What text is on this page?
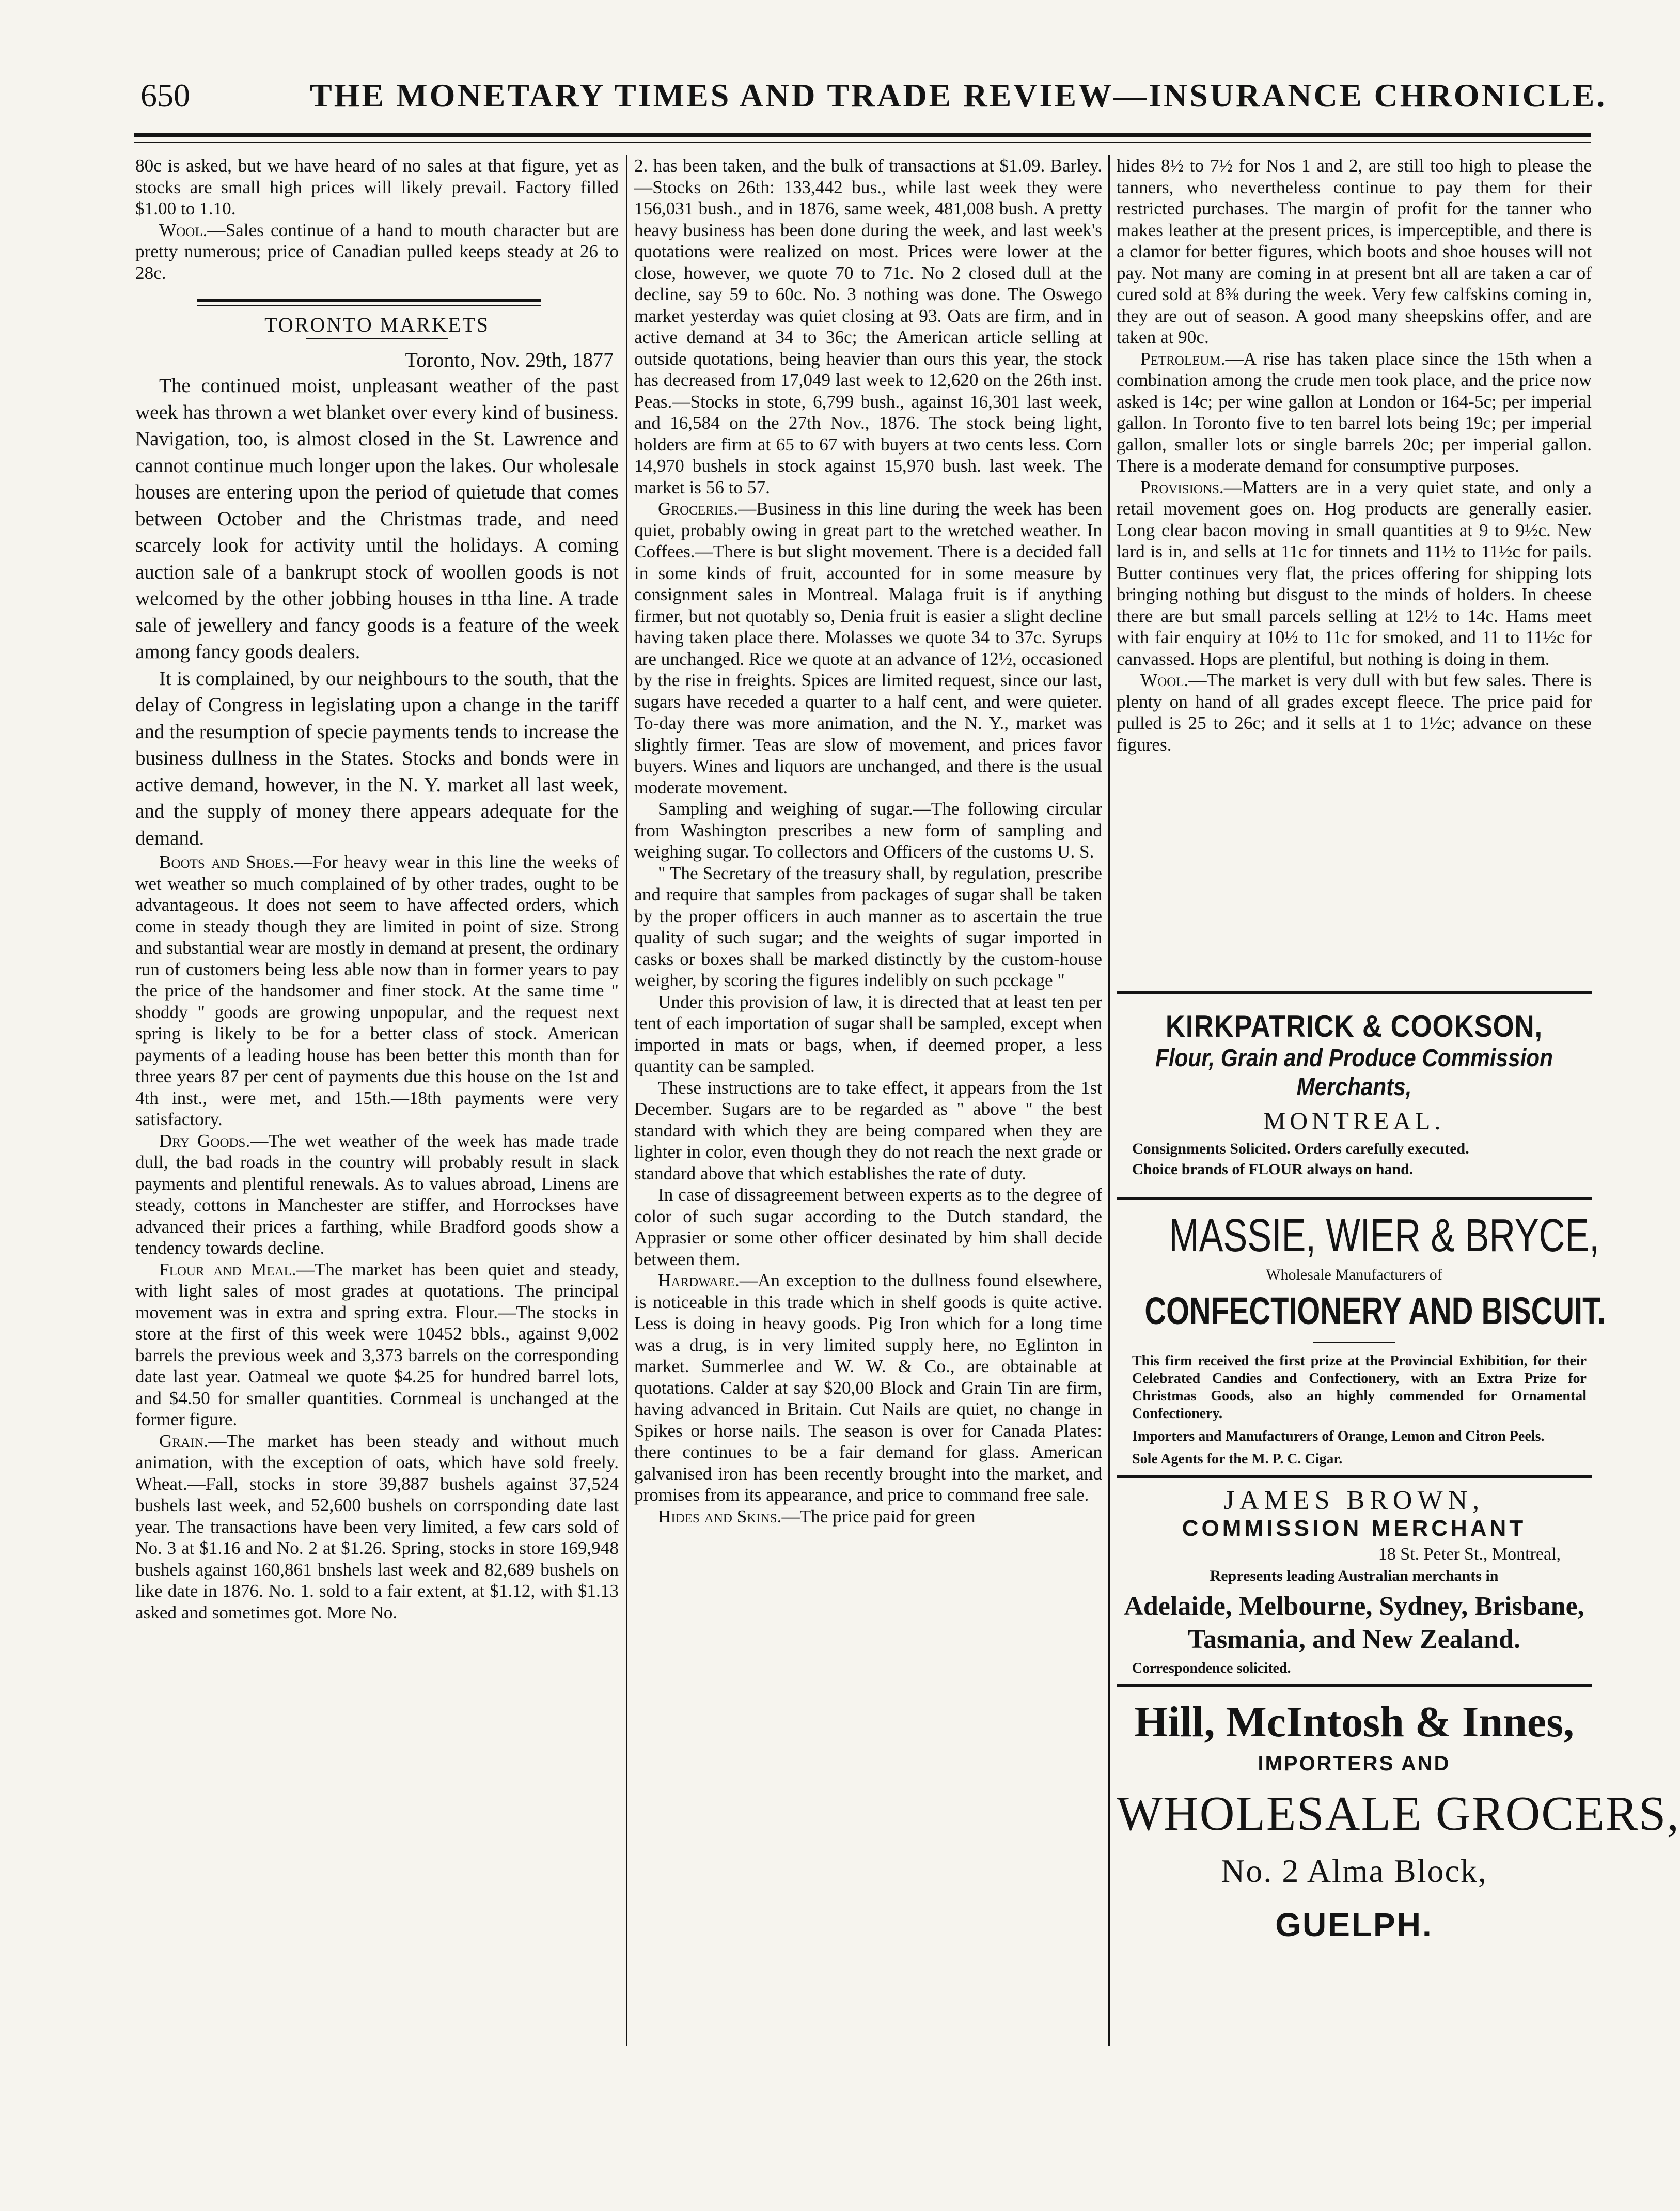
650	THE MONETARY TIMES AND TRADE REVIEW—INSURANCE CHRONICLE.

80c is asked, but we have heard of no sales at that figure, yet as stocks are small high prices will likely prevail. Factory filled $1.00 to 1.10.

Wool.—Sales continue of a hand to mouth character but are pretty numerous; price of Canadian pulled keeps steady at 26 to 28c.

TORONTO MARKETS
Toronto, Nov. 29th, 1877

The continued moist, unpleasant weather of the past week has thrown a wet blanket over every kind of business. Navigation, too, is almost closed in the St. Lawrence and cannot continue much longer upon the lakes. Our wholesale houses are entering upon the period of quietude that comes between October and the Christmas trade, and need scarcely look for activity until the holidays. A coming auction sale of a bankrupt stock of woollen goods is not welcomed by the other jobbing houses in ttha line. A trade sale of jewellery and fancy goods is a feature of the week among fancy goods dealers.

It is complained, by our neighbours to the south, that the delay of Congress in legislating upon a change in the tariff and the resumption of specie payments tends to increase the business dullness in the States. Stocks and bonds were in active demand, however, in the N. Y. market all last week, and the supply of money there appears adequate for the demand.

Boots and Shoes.—For heavy wear in this line the weeks of wet weather so much complained of by other trades, ought to be advantageous. It does not seem to have affected orders, which come in steady though they are limited in point of size. Strong and substantial wear are mostly in demand at present, the ordinary run of customers being less able now than in former years to pay the price of the handsomer and finer stock. At the same time " shoddy " goods are growing unpopular, and the request next spring is likely to be for a better class of stock. American payments of a leading house has been better this month than for three years 87 per cent of payments due this house on the 1st and 4th inst., were met, and 15th.—18th payments were very satisfactory.

Dry Goods.—The wet weather of the week has made trade dull, the bad roads in the country will probably result in slack payments and plentiful renewals. As to values abroad, Linens are steady, cottons in Manchester are stiffer, and Horrockses have advanced their prices a farthing, while Bradford goods show a tendency towards decline.

Flour and Meal.—The market has been quiet and steady, with light sales of most grades at quotations. The principal movement was in extra and spring extra. Flour.—The stocks in store at the first of this week were 10452 bbls., against 9,002 barrels the previous week and 3,373 barrels on the corresponding date last year. Oatmeal we quote $4.25 for hundred barrel lots, and $4.50 for smaller quantities. Cornmeal is unchanged at the former figure.

Grain.—The market has been steady and without much animation, with the exception of oats, which have sold freely. Wheat.—Fall, stocks in store 39,887 bushels against 37,524 bushels last week, and 52,600 bushels on corrsponding date last year. The transactions have been very limited, a few cars sold of No. 3 at $1.16 and No. 2 at $1.26. Spring, stocks in store 169,948 bushels against 160,861 bnshels last week and 82,689 bushels on like date in 1876. No. 1. sold to a fair extent, at $1.12, with $1.13 asked and sometimes got. More No.

2. has been taken, and the bulk of transactions at $1.09. Barley.—Stocks on 26th: 133,442 bus., while last week they were 156,031 bush., and in 1876, same week, 481,008 bush. A pretty heavy business has been done during the week, and last week's quotations were realized on most. Prices were lower at the close, however, we quote 70 to 71c. No 2 closed dull at the decline, say 59 to 60c. No. 3 nothing was done. The Oswego market yesterday was quiet closing at 93. Oats are firm, and in active demand at 34 to 36c; the American article selling at outside quotations, being heavier than ours this year, the stock has decreased from 17,049 last week to 12,620 on the 26th inst. Peas.—Stocks in stote, 6,799 bush., against 16,301 last week, and 16,584 on the 27th Nov., 1876. The stock being light, holders are firm at 65 to 67 with buyers at two cents less. Corn 14,970 bushels in stock against 15,970 bush. last week. The market is 56 to 57.

Groceries.—Business in this line during the week has been quiet, probably owing in great part to the wretched weather. In Coffees.—There is but slight movement. There is a decided fall in some kinds of fruit, accounted for in some measure by consignment sales in Montreal. Malaga fruit is if anything firmer, but not quotably so, Denia fruit is easier a slight decline having taken place there. Molasses we quote 34 to 37c. Syrups are unchanged. Rice we quote at an advance of 12½, occasioned by the rise in freights. Spices are limited request, since our last, sugars have receded a quarter to a half cent, and were quieter. To-day there was more animation, and the N. Y., market was slightly firmer. Teas are slow of movement, and prices favor buyers. Wines and liquors are unchanged, and there is the usual moderate movement.

Sampling and weighing of sugar.—The following circular from Washington prescribes a new form of sampling and weighing sugar. To collectors and Officers of the customs U. S.

" The Secretary of the treasury shall, by regulation, prescribe and require that samples from packages of sugar shall be taken by the proper officers in auch manner as to ascertain the true quality of such sugar; and the weights of sugar imported in casks or boxes shall be marked distinctly by the custom-house weigher, by scoring the figures indelibly on such pcckage "

Under this provision of law, it is directed that at least ten per tent of each importation of sugar shall be sampled, except when imported in mats or bags, when, if deemed proper, a less quantity can be sampled.

These instructions are to take effect, it appears from the 1st December. Sugars are to be regarded as " above " the best standard with which they are being compared when they are lighter in color, even though they do not reach the next grade or standard above that which establishes the rate of duty.

In case of dissagreement between experts as to the degree of color of such sugar according to the Dutch standard, the Apprasier or some other officer desinated by him shall decide between them.

Hardware.—An exception to the dullness found elsewhere, is noticeable in this trade which in shelf goods is quite active. Less is doing in heavy goods. Pig Iron which for a long time was a drug, is in very limited supply here, no Eglinton in market. Summerlee and W. W. & Co., are obtainable at quotations. Calder at say $20,00 Block and Grain Tin are firm, having advanced in Britain. Cut Nails are quiet, no change in Spikes or horse nails. The season is over for Canada Plates: there continues to be a fair demand for glass. American galvanised iron has been recently brought into the market, and promises from its appearance, and price to command free sale.

Hides and Skins.—The price paid for green

hides 8½ to 7½ for Nos 1 and 2, are still too high to please the tanners, who nevertheless continue to pay them for their restricted purchases. The margin of profit for the tanner who makes leather at the present prices, is imperceptible, and there is a clamor for better figures, which boots and shoe houses will not pay. Not many are coming in at present bnt all are taken a car of cured sold at 8⅜ during the week. Very few calfskins coming in, they are out of season. A good many sheepskins offer, and are taken at 90c.

Petroleum.—A rise has taken place since the 15th when a combination among the crude men took place, and the price now asked is 14c; per wine gallon at London or 164-5c; per imperial gallon. In Toronto five to ten barrel lots being 19c; per imperial gallon, smaller lots or single barrels 20c; per imperial gallon. There is a moderate demand for consumptive purposes.

Provisions.—Matters are in a very quiet state, and only a retail movement goes on. Hog products are generally easier. Long clear bacon moving in small quantities at 9 to 9½c. New lard is in, and sells at 11c for tinnets and 11½ to 11½c for pails. Butter continues very flat, the prices offering for shipping lots bringing nothing but disgust to the minds of holders. In cheese there are but small parcels selling at 12½ to 14c. Hams meet with fair enquiry at 10½ to 11c for smoked, and 11 to 11½c for canvassed. Hops are plentiful, but nothing is doing in them.

Wool.—The market is very dull with but few sales. There is plenty on hand of all grades except fleece. The price paid for pulled is 25 to 26c; and it sells at 1 to 1½c; advance on these figures.

KIRKPATRICK & COOKSON,
Flour, Grain and Produce Commission
Merchants,
MONTREAL.
Consignments Solicited. Orders carefully executed.
Choice brands of FLOUR always on hand.
MASSIE, WIER & BRYCE,
Wholesale Manufacturers of
CONFECTIONERY AND BISCUIT.

This firm received the first prize at the Provincial Exhibition, for their Celebrated Candies and Confectionery, with an Extra Prize for Christmas Goods, also an highly commended for Ornamental Confectionery.

Importers and Manufacturers of Orange, Lemon and Citron Peels.

Sole Agents for the M. P. C. Cigar.

JAMES BROWN,
COMMISSION MERCHANT
18 St. Peter St., Montreal,
Represents leading Australian merchants in
Adelaide, Melbourne, Sydney, Brisbane, Tasmania, and New Zealand.
Correspondence solicited.
Hill, McIntosh & Innes,
IMPORTERS AND
WHOLESALE GROCERS,
No. 2 Alma Block,
GUELPH.
